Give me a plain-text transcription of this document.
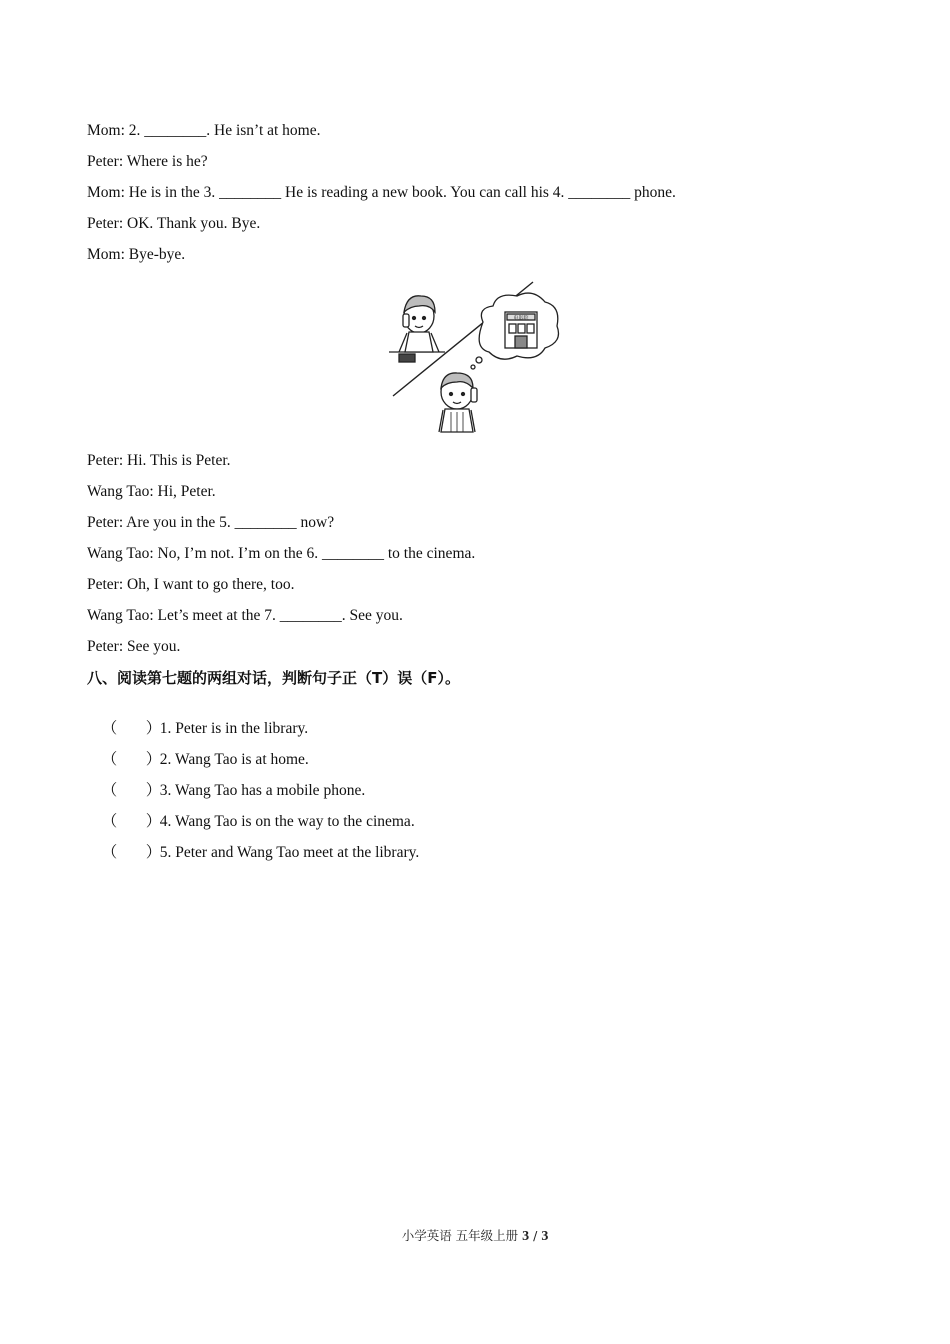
Mom: 2. ________. He isn’t at home.
Peter: Where is he?
Mom: He is in the 3. ________ He is reading a new book. You can call his 4. ________ phone.
Peter: OK. Thank you. Bye.
Mom: Bye-bye.
电影院
Peter: Hi. This is Peter.
Wang Tao: Hi, Peter.
Peter: Are you in the 5. ________ now?
Wang Tao: No, I’m not. I’m on the 6. ________ to the cinema.
Peter: Oh, I want to go there, too.
Wang Tao: Let’s meet at the 7. ________. See you.
Peter: See you.
八、阅读第七题的两组对话，判断句子正（T）误（F）。

（ ）1. Peter is in the library.

（ ）2. Wang Tao is at home.

（ ）3. Wang Tao has a mobile phone.

（ ）4. Wang Tao is on the way to the cinema.

（ ）5. Peter and Wang Tao meet at the library.

小学英语 五年级上册 3 / 3
